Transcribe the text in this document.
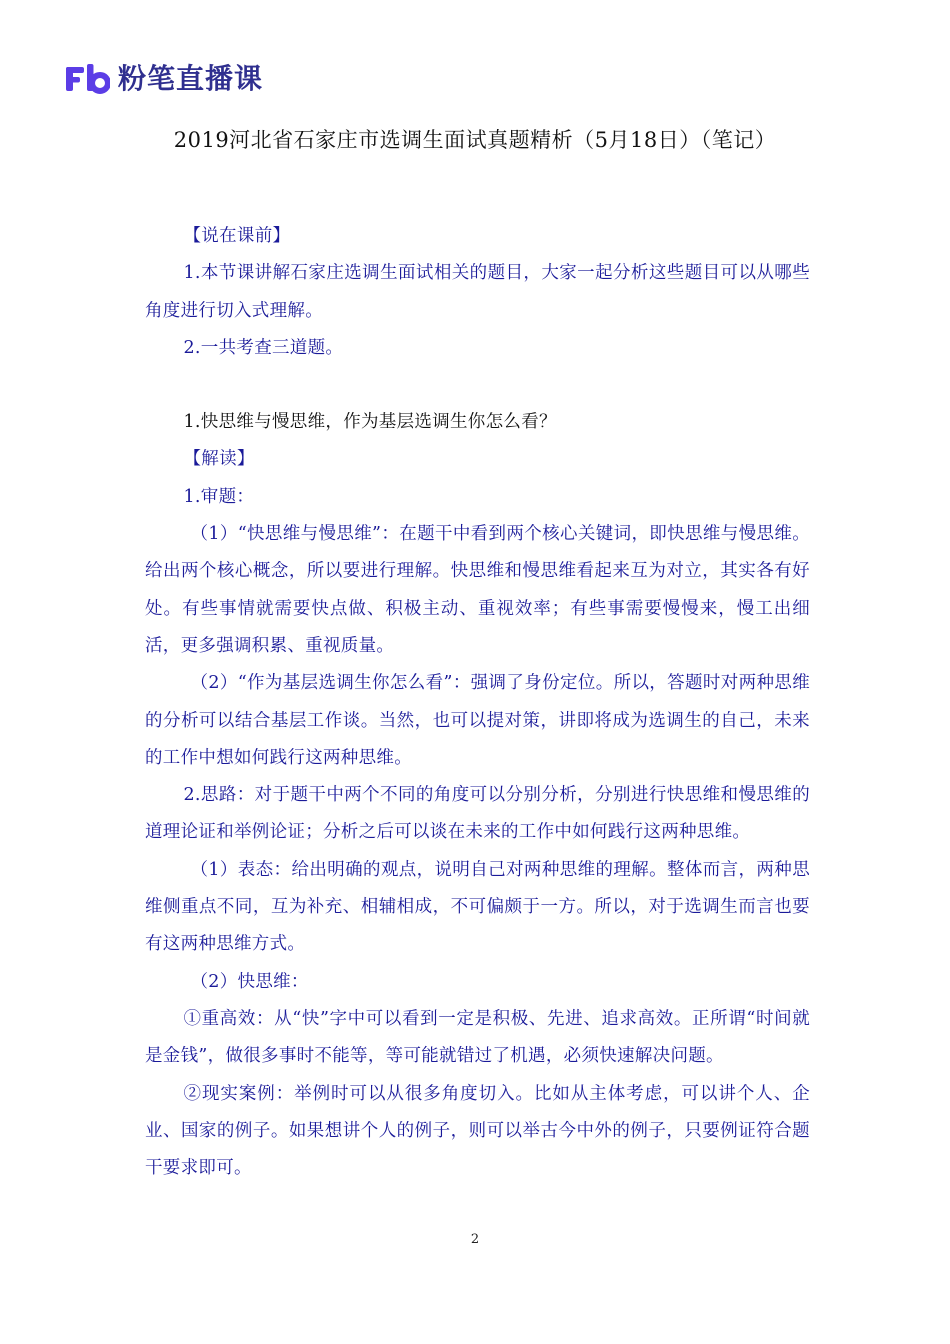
粉笔直播课
2019河北省石家庄市选调生面试真题精析（5月18日）（笔记）

【说在课前】

1.本节课讲解石家庄选调生面试相关的题目，大家一起分析这些题目可以从哪些角度进行切入式理解。

2.一共考查三道题。

1.快思维与慢思维，作为基层选调生你怎么看？

【解读】

1.审题：

（1）“快思维与慢思维”：在题干中看到两个核心关键词，即快思维与慢思维。给出两个核心概念，所以要进行理解。快思维和慢思维看起来互为对立，其实各有好处。有些事情就需要快点做、积极主动、重视效率；有些事需要慢慢来，慢工出细活，更多强调积累、重视质量。

（2）“作为基层选调生你怎么看”：强调了身份定位。所以，答题时对两种思维的分析可以结合基层工作谈。当然，也可以提对策，讲即将成为选调生的自己，未来的工作中想如何践行这两种思维。

2.思路：对于题干中两个不同的角度可以分别分析，分别进行快思维和慢思维的道理论证和举例论证；分析之后可以谈在未来的工作中如何践行这两种思维。

（1）表态：给出明确的观点，说明自己对两种思维的理解。整体而言，两种思维侧重点不同，互为补充、相辅相成，不可偏颇于一方。所以，对于选调生而言也要有这两种思维方式。

（2）快思维：

①重高效：从“快”字中可以看到一定是积极、先进、追求高效。正所谓“时间就是金钱”，做很多事时不能等，等可能就错过了机遇，必须快速解决问题。

②现实案例：举例时可以从很多角度切入。比如从主体考虑，可以讲个人、企业、国家的例子。如果想讲个人的例子，则可以举古今中外的例子，只要例证符合题干要求即可。

2
